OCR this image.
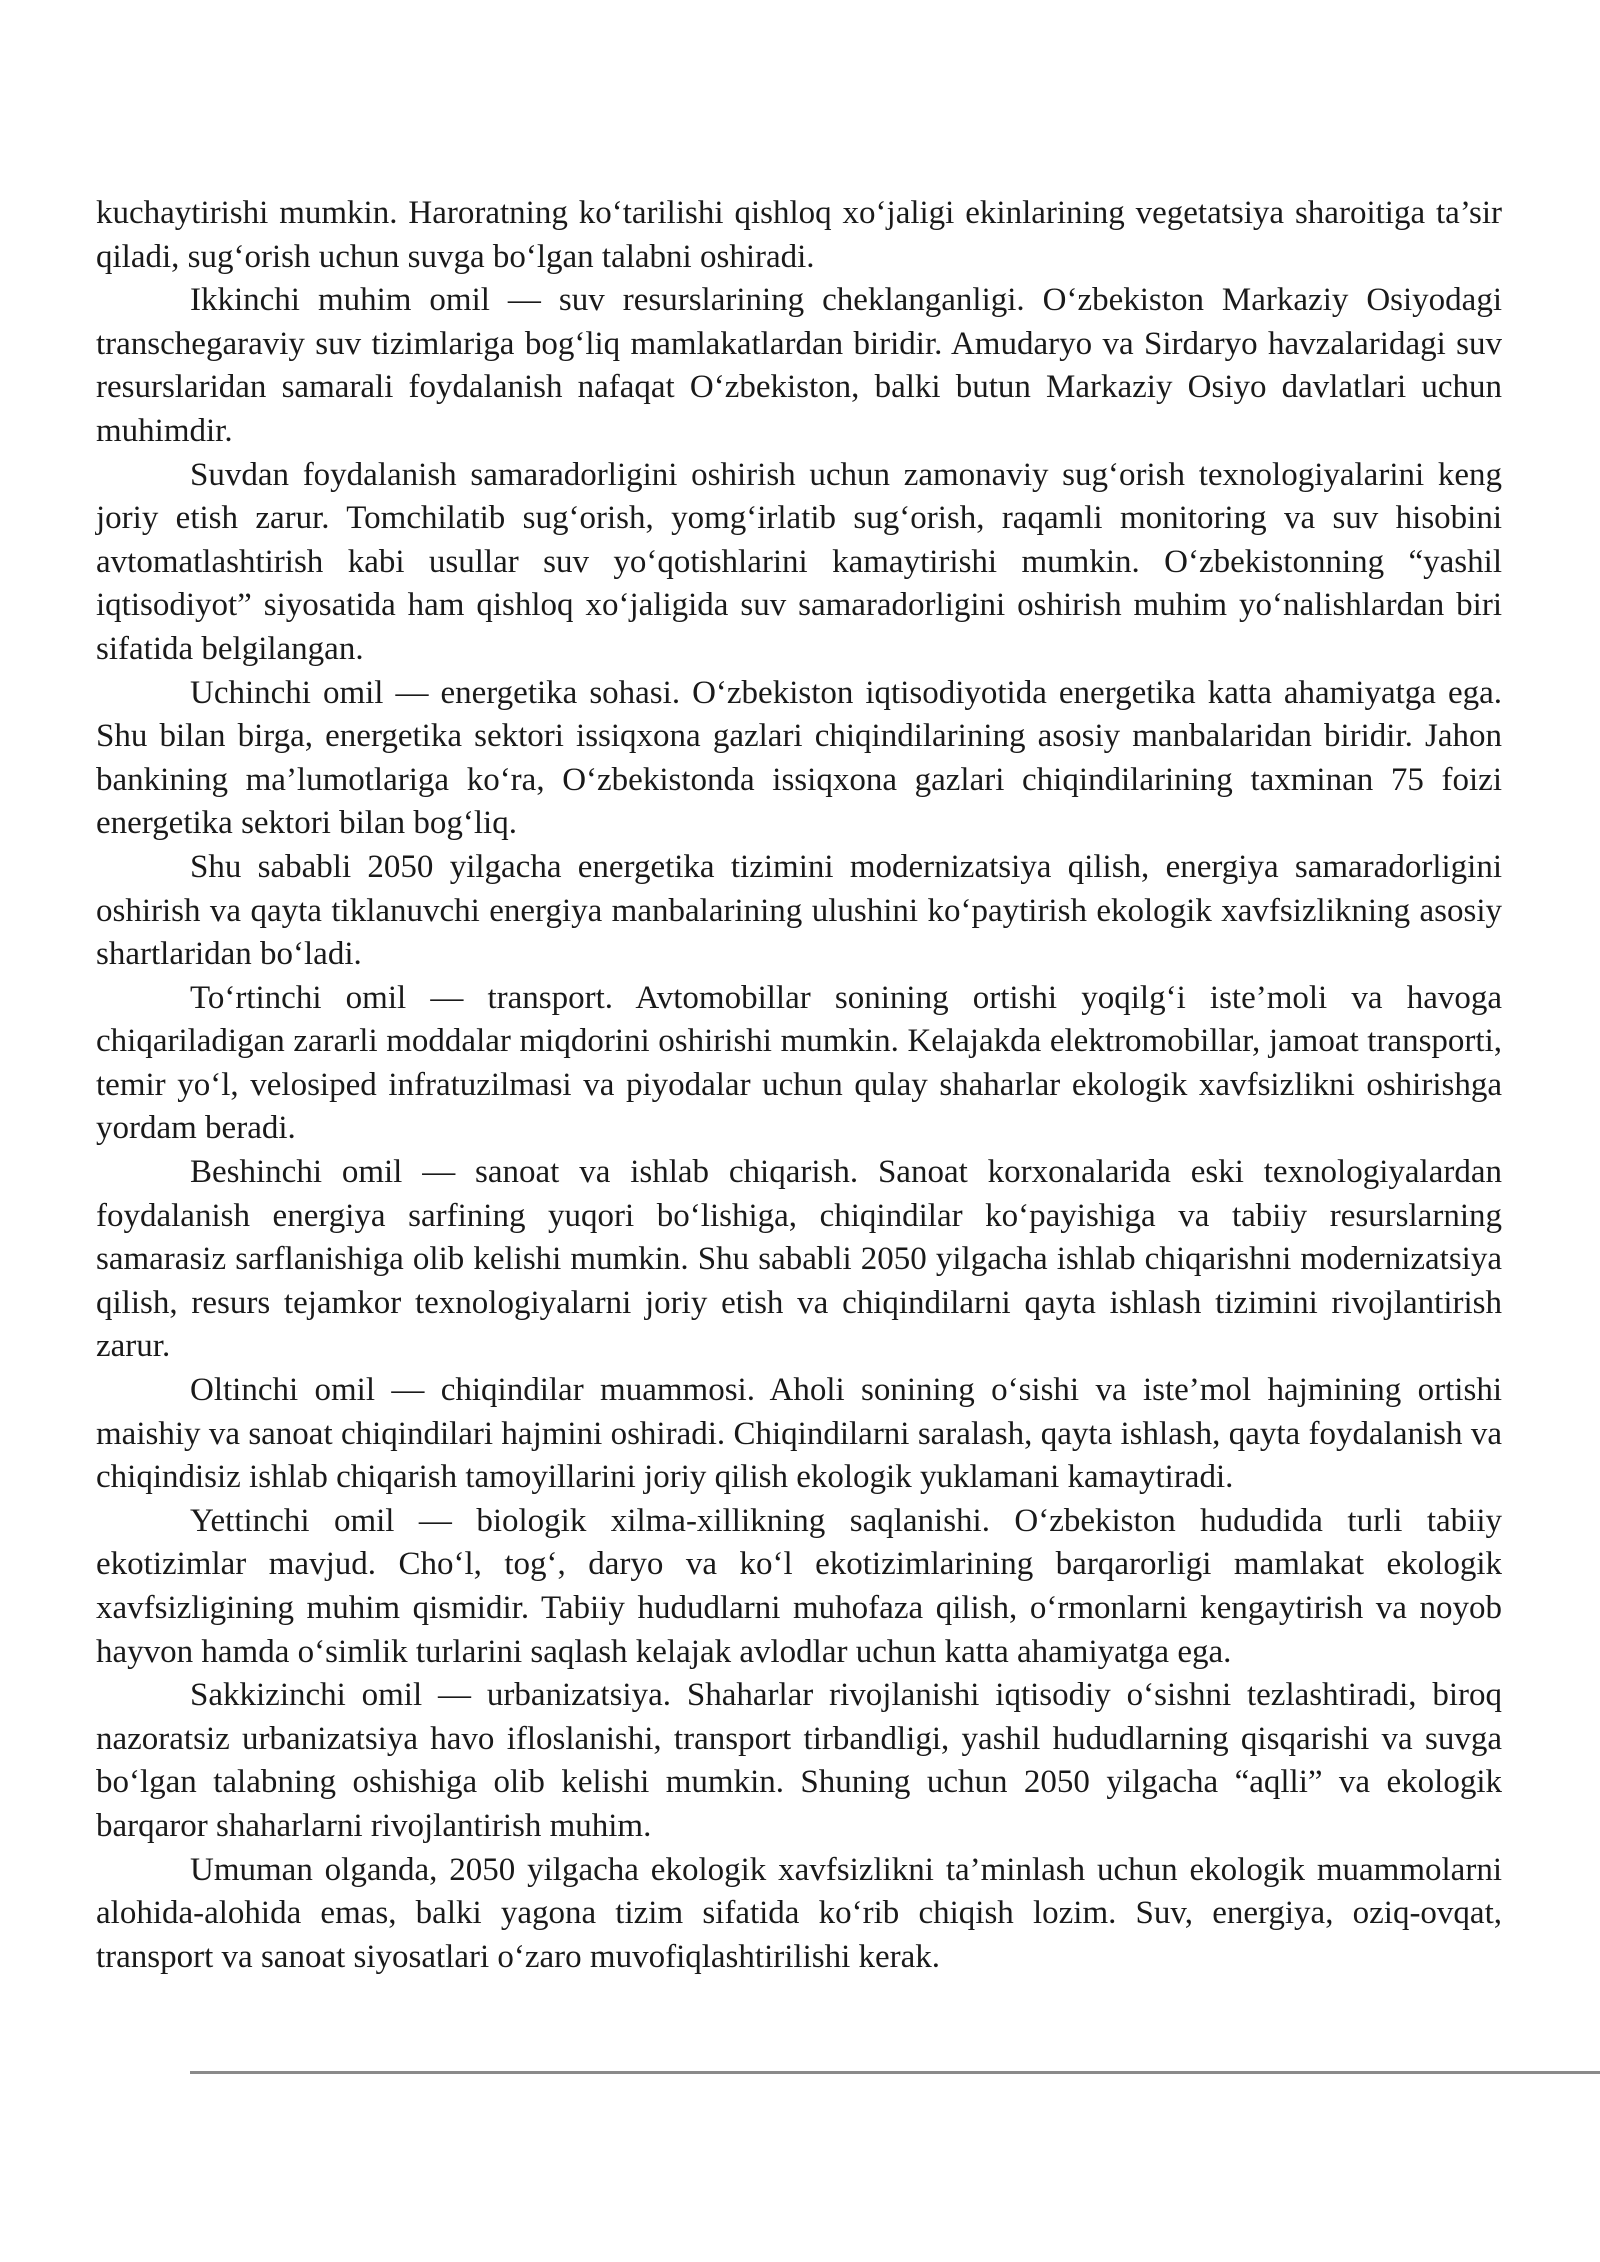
kuchaytirishi mumkin. Haroratning ko‘tarilishi qishloq xo‘jaligi ekinlarining vegetatsiya sharoitiga ta’sir qiladi, sug‘orish uchun suvga bo‘lgan talabni oshiradi.

Ikkinchi muhim omil — suv resurslarining cheklanganligi. O‘zbekiston Markaziy Osiyodagi transchegaraviy suv tizimlariga bog‘liq mamlakatlardan biridir. Amudaryo va Sirdaryo havzalaridagi suv resurslaridan samarali foydalanish nafaqat O‘zbekiston, balki butun Markaziy Osiyo davlatlari uchun muhimdir.

Suvdan foydalanish samaradorligini oshirish uchun zamonaviy sug‘orish texnologiyalarini keng joriy etish zarur. Tomchilatib sug‘orish, yomg‘irlatib sug‘orish, raqamli monitoring va suv hisobini avtomatlashtirish kabi usullar suv yo‘qotishlarini kamaytirishi mumkin. O‘zbekistonning “yashil iqtisodiyot” siyosatida ham qishloq xo‘jaligida suv samaradorligini oshirish muhim yo‘nalishlardan biri sifatida belgilangan.

Uchinchi omil — energetika sohasi. O‘zbekiston iqtisodiyotida energetika katta ahamiyatga ega. Shu bilan birga, energetika sektori issiqxona gazlari chiqindilarining asosiy manbalaridan biridir. Jahon bankining ma’lumotlariga ko‘ra, O‘zbekistonda issiqxona gazlari chiqindilarining taxminan 75 foizi energetika sektori bilan bog‘liq.

Shu sababli 2050 yilgacha energetika tizimini modernizatsiya qilish, energiya samaradorligini oshirish va qayta tiklanuvchi energiya manbalarining ulushini ko‘paytirish ekologik xavfsizlikning asosiy shartlaridan bo‘ladi.

To‘rtinchi omil — transport. Avtomobillar sonining ortishi yoqilg‘i iste’moli va havoga chiqariladigan zararli moddalar miqdorini oshirishi mumkin. Kelajakda elektromobillar, jamoat transporti, temir yo‘l, velosiped infratuzilmasi va piyodalar uchun qulay shaharlar ekologik xavfsizlikni oshirishga yordam beradi.

Beshinchi omil — sanoat va ishlab chiqarish. Sanoat korxonalarida eski texnologiyalardan foydalanish energiya sarfining yuqori bo‘lishiga, chiqindilar ko‘payishiga va tabiiy resurslarning samarasiz sarflanishiga olib kelishi mumkin. Shu sababli 2050 yilgacha ishlab chiqarishni modernizatsiya qilish, resurs tejamkor texnologiyalarni joriy etish va chiqindilarni qayta ishlash tizimini rivojlantirish zarur.

Oltinchi omil — chiqindilar muammosi. Aholi sonining o‘sishi va iste’mol hajmining ortishi maishiy va sanoat chiqindilari hajmini oshiradi. Chiqindilarni saralash, qayta ishlash, qayta foydalanish va chiqindisiz ishlab chiqarish tamoyillarini joriy qilish ekologik yuklamani kamaytiradi.

Yettinchi omil — biologik xilma-xillikning saqlanishi. O‘zbekiston hududida turli tabiiy ekotizimlar mavjud. Cho‘l, tog‘, daryo va ko‘l ekotizimlarining barqarorligi mamlakat ekologik xavfsizligining muhim qismidir. Tabiiy hududlarni muhofaza qilish, o‘rmonlarni kengaytirish va noyob hayvon hamda o‘simlik turlarini saqlash kelajak avlodlar uchun katta ahamiyatga ega.

Sakkizinchi omil — urbanizatsiya. Shaharlar rivojlanishi iqtisodiy o‘sishni tezlashtiradi, biroq nazoratsiz urbanizatsiya havo ifloslanishi, transport tirbandligi, yashil hududlarning qisqarishi va suvga bo‘lgan talabning oshishiga olib kelishi mumkin. Shuning uchun 2050 yilgacha “aqlli” va ekologik barqaror shaharlarni rivojlantirish muhim.

Umuman olganda, 2050 yilgacha ekologik xavfsizlikni ta’minlash uchun ekologik muammolarni alohida-alohida emas, balki yagona tizim sifatida ko‘rib chiqish lozim. Suv, energiya, oziq-ovqat, transport va sanoat siyosatlari o‘zaro muvofiqlashtirilishi kerak.
